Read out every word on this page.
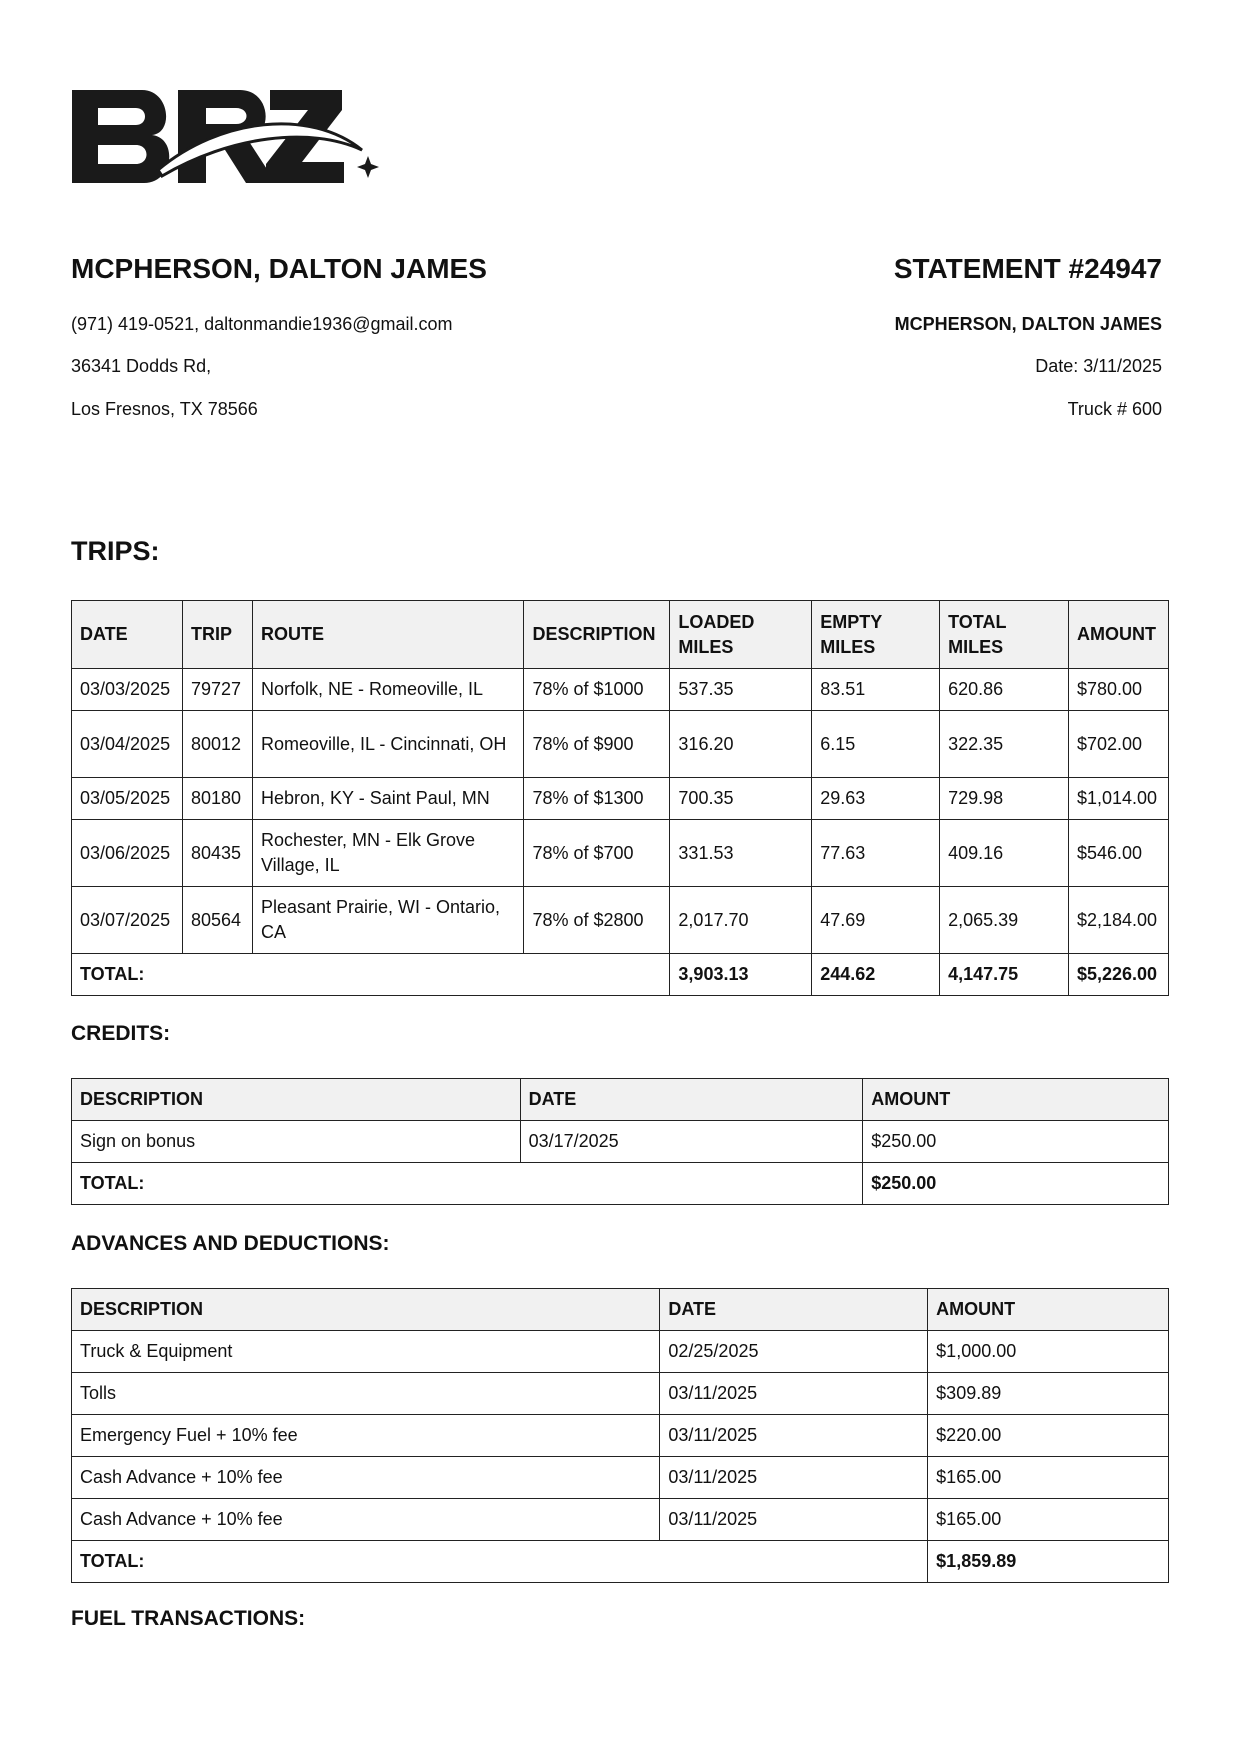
MCPHERSON, DALTON JAMES	STATEMENT #24947
(971) 419-0521, daltonmandie1936@gmail.com
36341 Dodds Rd,
Los Fresnos, TX 78566
MCPHERSON, DALTON JAMES
Date: 3/11/2025
Truck # 600
TRIPS:
DATE	TRIP	ROUTE	DESCRIPTION	LOADED MILES	EMPTY MILES	TOTAL MILES	AMOUNT
03/03/2025	79727	Norfolk, NE - Romeoville, IL	78% of $1000	537.35	83.51	620.86	$780.00
03/04/2025	80012	Romeoville, IL - Cincinnati, OH	78% of $900	316.20	6.15	322.35	$702.00
03/05/2025	80180	Hebron, KY - Saint Paul, MN	78% of $1300	700.35	29.63	729.98	$1,014.00
03/06/2025	80435	Rochester, MN - Elk Grove Village, IL	78% of $700	331.53	77.63	409.16	$546.00
03/07/2025	80564	Pleasant Prairie, WI - Ontario, CA	78% of $2800	2,017.70	47.69	2,065.39	$2,184.00
TOTAL:				3,903.13	244.62	4,147.75	$5,226.00
CREDITS:
DESCRIPTION	DATE	AMOUNT
Sign on bonus	03/17/2025	$250.00
TOTAL:		$250.00
ADVANCES AND DEDUCTIONS:
DESCRIPTION	DATE	AMOUNT
Truck & Equipment	02/25/2025	$1,000.00
Tolls	03/11/2025	$309.89
Emergency Fuel + 10% fee	03/11/2025	$220.00
Cash Advance + 10% fee	03/11/2025	$165.00
Cash Advance + 10% fee	03/11/2025	$165.00
TOTAL:		$1,859.89
FUEL TRANSACTIONS:
